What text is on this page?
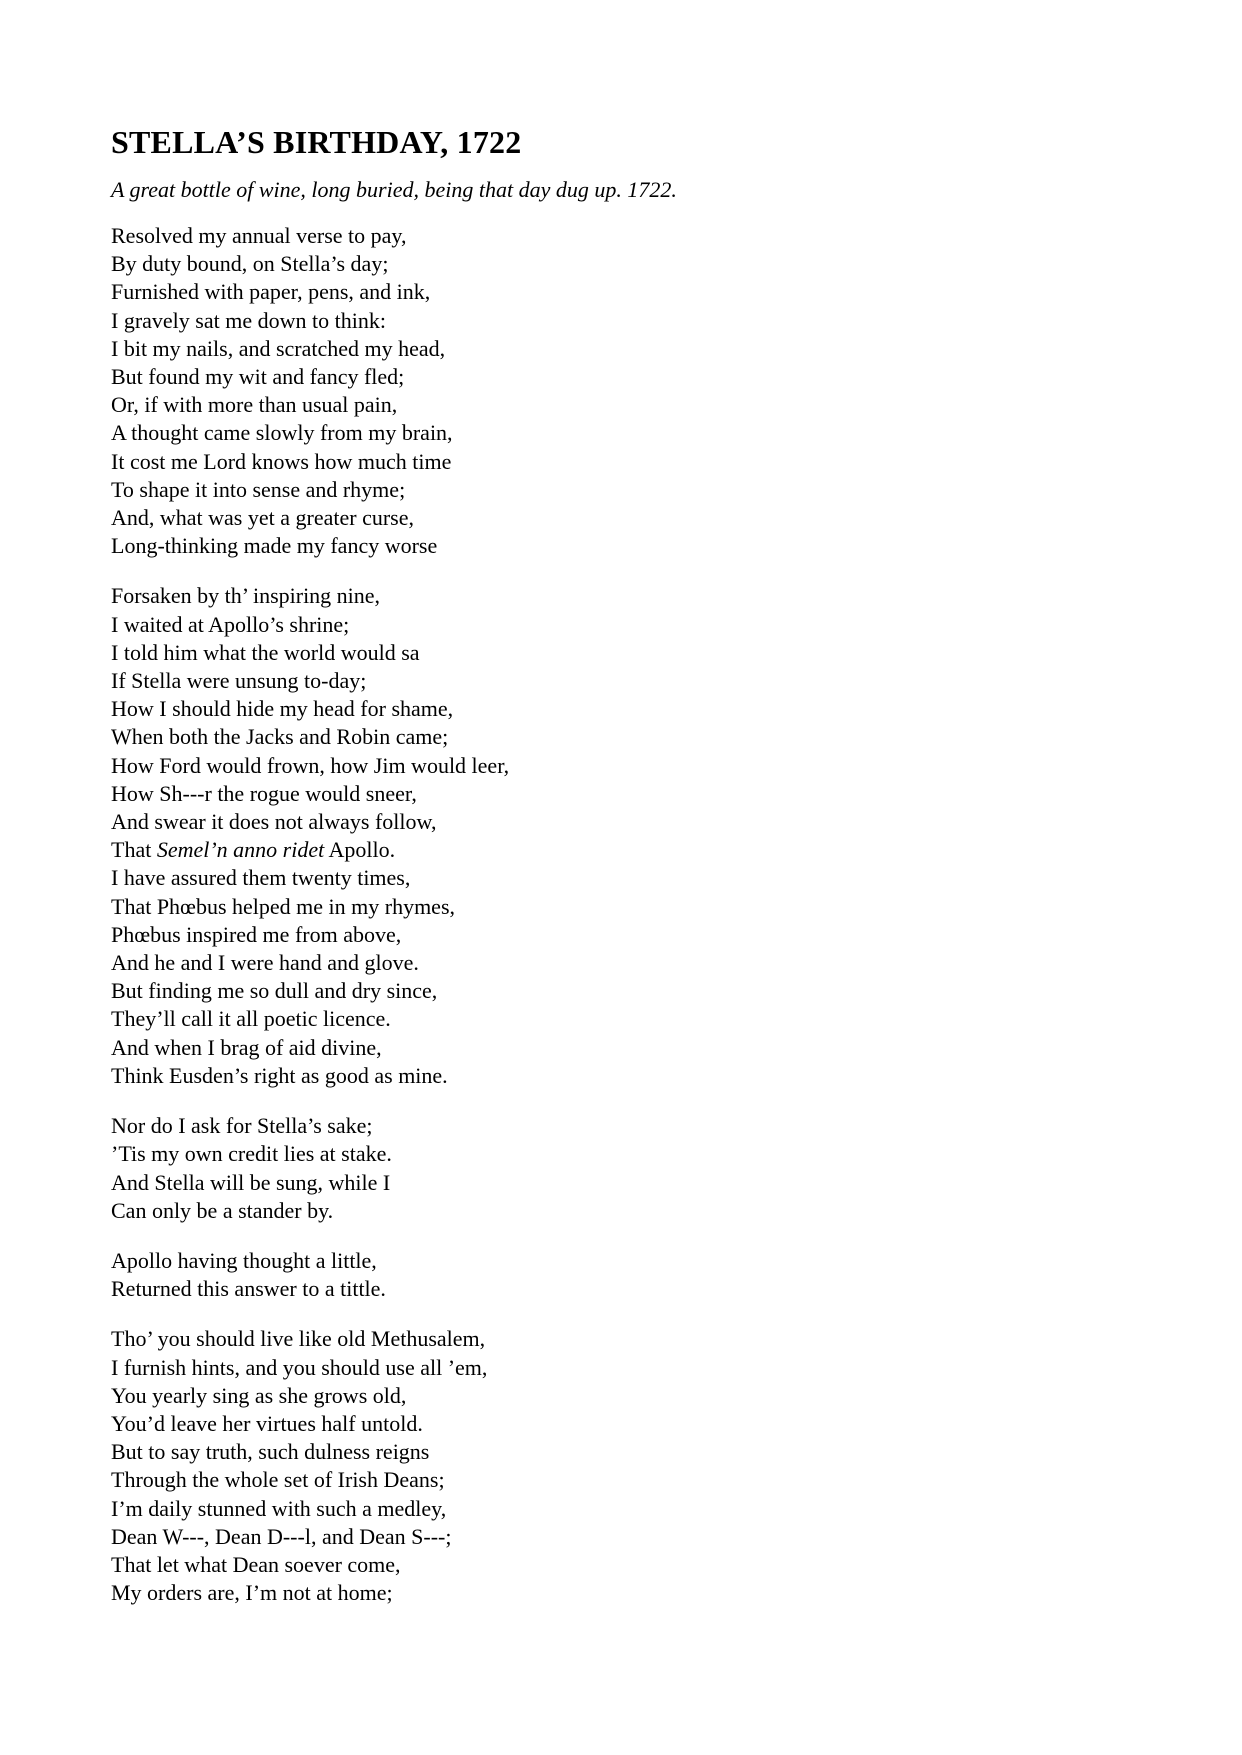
STELLA’S BIRTHDAY, 1722
A great bottle of wine, long buried, being that day dug up. 1722.
Resolved my annual verse to pay,
By duty bound, on Stella’s day;
Furnished with paper, pens, and ink,
I gravely sat me down to think:
I bit my nails, and scratched my head,
But found my wit and fancy fled;
Or, if with more than usual pain,
A thought came slowly from my brain,
It cost me Lord knows how much time
To shape it into sense and rhyme;
And, what was yet a greater curse,
Long-thinking made my fancy worse
Forsaken by th’ inspiring nine,
I waited at Apollo’s shrine;
I told him what the world would sa
If Stella were unsung to-day;
How I should hide my head for shame,
When both the Jacks and Robin came;
How Ford would frown, how Jim would leer,
How Sh---r the rogue would sneer,
And swear it does not always follow,
That Semel’n anno ridet Apollo.
I have assured them twenty times,
That Phœbus helped me in my rhymes,
Phœbus inspired me from above,
And he and I were hand and glove.
But finding me so dull and dry since,
They’ll call it all poetic licence.
And when I brag of aid divine,
Think Eusden’s right as good as mine.
Nor do I ask for Stella’s sake;
’Tis my own credit lies at stake.
And Stella will be sung, while I
Can only be a stander by.
Apollo having thought a little,
Returned this answer to a tittle.
Tho’ you should live like old Methusalem,
I furnish hints, and you should use all ’em,
You yearly sing as she grows old,
You’d leave her virtues half untold.
But to say truth, such dulness reigns
Through the whole set of Irish Deans;
I’m daily stunned with such a medley,
Dean W---, Dean D---l, and Dean S---;
That let what Dean soever come,
My orders are, I’m not at home;
